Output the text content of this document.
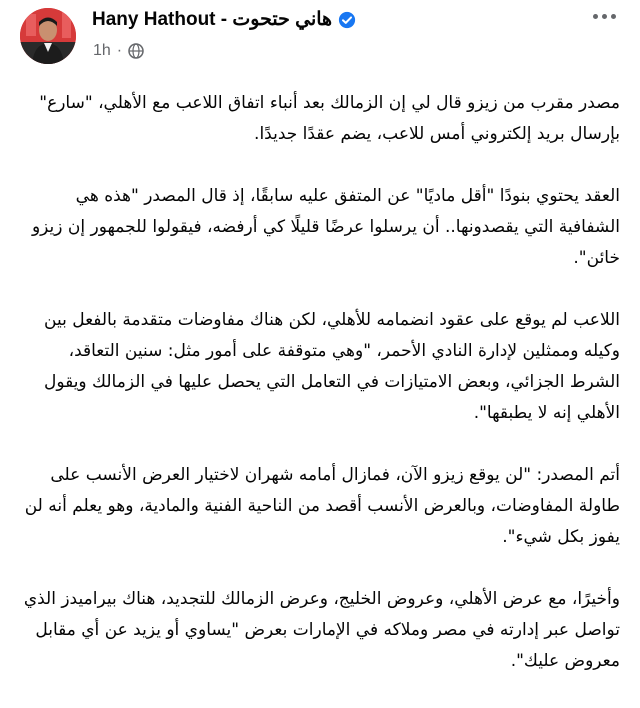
Hany Hathout - هاني حتحوت
1h ·

مصدر مقرب من زيزو قال لي إن الزمالك بعد أنباء اتفاق اللاعب مع الأهلي، "سارع" بإرسال بريد إلكتروني أمس للاعب، يضم عقدًا جديدًا.

العقد يحتوي بنودًا "أقل ماديًا" عن المتفق عليه سابقًا، إذ قال المصدر "هذه هي الشفافية التي يقصدونها.. أن يرسلوا عرضًا قليلًا كي أرفضه، فيقولوا للجمهور إن زيزو خائن".

اللاعب لم يوقع على عقود انضمامه للأهلي، لكن هناك مفاوضات متقدمة بالفعل بين وكيله وممثلين لإدارة النادي الأحمر، "وهي متوقفة على أمور مثل: سنين التعاقد، الشرط الجزائي، وبعض الامتيازات في التعامل التي يحصل عليها في الزمالك ويقول الأهلي إنه لا يطبقها".

أتم المصدر: "لن يوقع زيزو الآن، فمازال أمامه شهران لاختيار العرض الأنسب على طاولة المفاوضات، وبالعرض الأنسب أقصد من الناحية الفنية والمادية، وهو يعلم أنه لن يفوز بكل شيء".

وأخيرًا، مع عرض الأهلي، وعروض الخليج، وعرض الزمالك للتجديد، هناك بيراميدز الذي تواصل عبر إدارته في مصر وملاكه في الإمارات بعرض "يساوي أو يزيد عن أي مقابل معروض عليك".
